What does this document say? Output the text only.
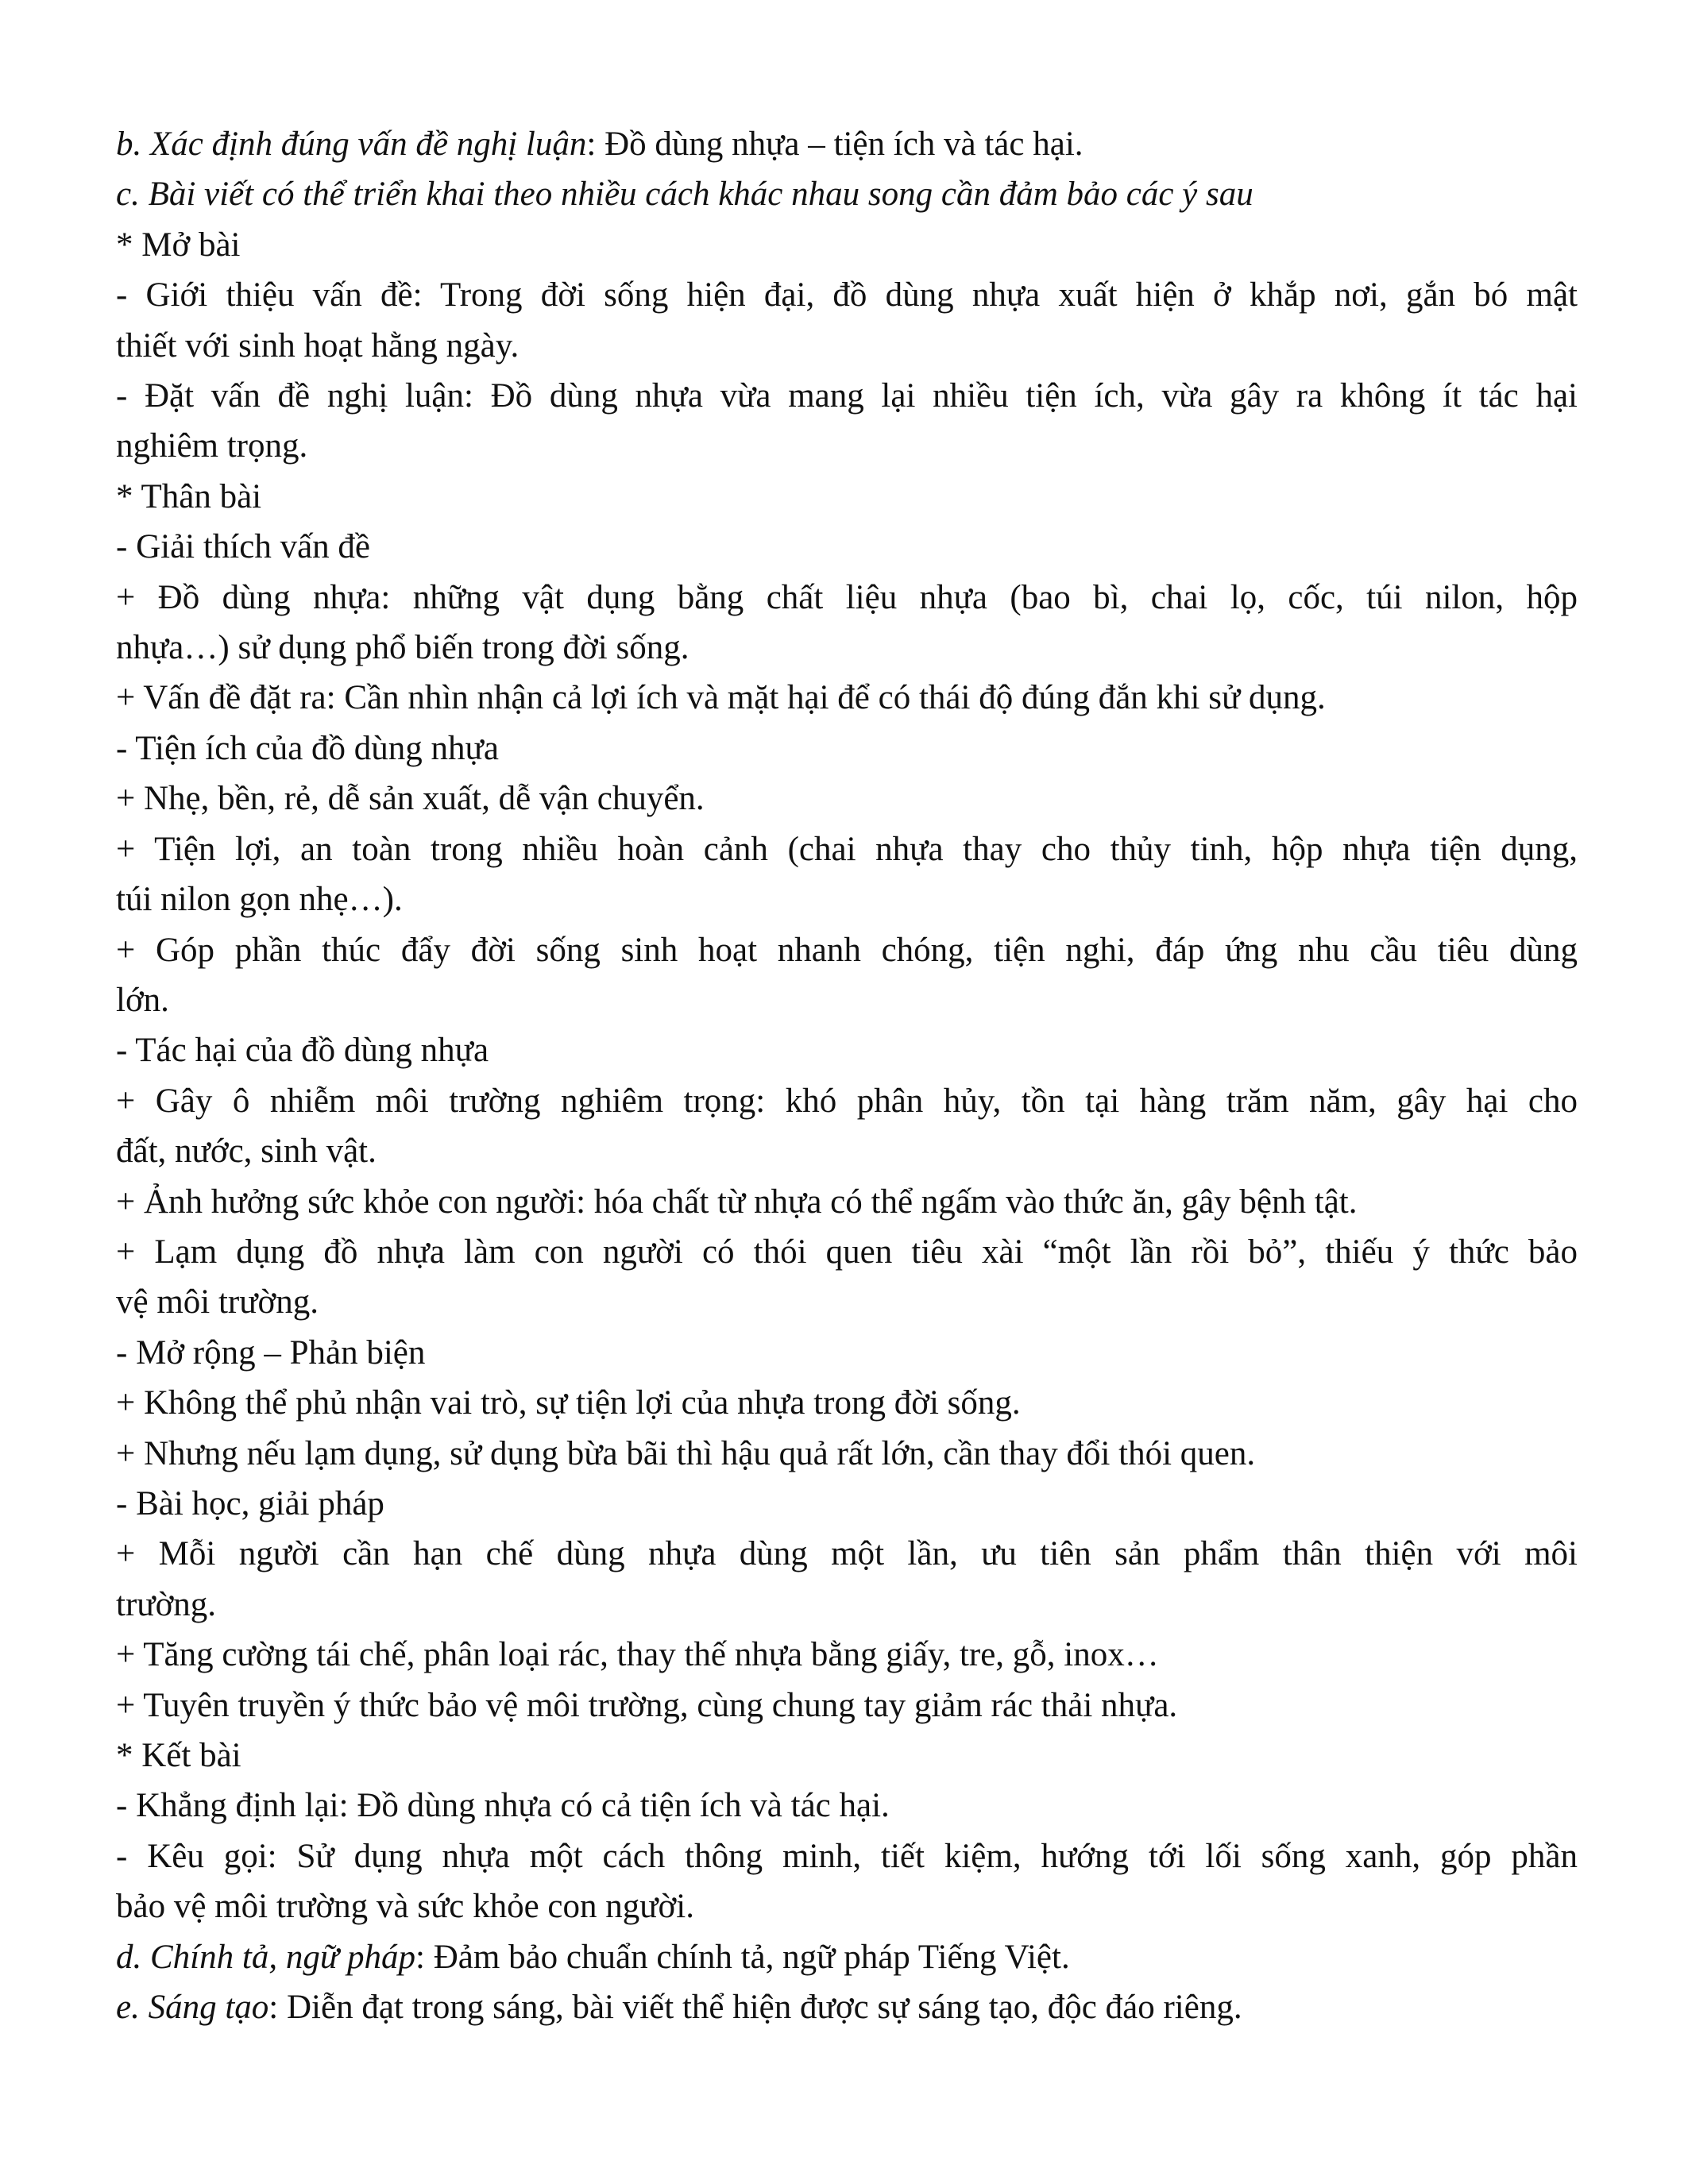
b. Xác định đúng vấn đề nghị luận: Đồ dùng nhựa – tiện ích và tác hại.

c. Bài viết có thể triển khai theo nhiều cách khác nhau song cần đảm bảo các ý sau

* Mở bài

- Giới thiệu vấn đề: Trong đời sống hiện đại, đồ dùng nhựa xuất hiện ở khắp nơi, gắn bó mật

thiết với sinh hoạt hằng ngày.

- Đặt vấn đề nghị luận: Đồ dùng nhựa vừa mang lại nhiều tiện ích, vừa gây ra không ít tác hại

nghiêm trọng.

* Thân bài

- Giải thích vấn đề

+ Đồ dùng nhựa: những vật dụng bằng chất liệu nhựa (bao bì, chai lọ, cốc, túi nilon, hộp

nhựa…) sử dụng phổ biến trong đời sống.

+ Vấn đề đặt ra: Cần nhìn nhận cả lợi ích và mặt hại để có thái độ đúng đắn khi sử dụng.

- Tiện ích của đồ dùng nhựa

+ Nhẹ, bền, rẻ, dễ sản xuất, dễ vận chuyển.

+ Tiện lợi, an toàn trong nhiều hoàn cảnh (chai nhựa thay cho thủy tinh, hộp nhựa tiện dụng,

túi nilon gọn nhẹ…).

+ Góp phần thúc đẩy đời sống sinh hoạt nhanh chóng, tiện nghi, đáp ứng nhu cầu tiêu dùng

lớn.

- Tác hại của đồ dùng nhựa

+ Gây ô nhiễm môi trường nghiêm trọng: khó phân hủy, tồn tại hàng trăm năm, gây hại cho

đất, nước, sinh vật.

+ Ảnh hưởng sức khỏe con người: hóa chất từ nhựa có thể ngấm vào thức ăn, gây bệnh tật.

+ Lạm dụng đồ nhựa làm con người có thói quen tiêu xài “một lần rồi bỏ”, thiếu ý thức bảo

vệ môi trường.

- Mở rộng – Phản biện

+ Không thể phủ nhận vai trò, sự tiện lợi của nhựa trong đời sống.

+ Nhưng nếu lạm dụng, sử dụng bừa bãi thì hậu quả rất lớn, cần thay đổi thói quen.

- Bài học, giải pháp

+ Mỗi người cần hạn chế dùng nhựa dùng một lần, ưu tiên sản phẩm thân thiện với môi

trường.

+ Tăng cường tái chế, phân loại rác, thay thế nhựa bằng giấy, tre, gỗ, inox…

+ Tuyên truyền ý thức bảo vệ môi trường, cùng chung tay giảm rác thải nhựa.

* Kết bài

- Khẳng định lại: Đồ dùng nhựa có cả tiện ích và tác hại.

- Kêu gọi: Sử dụng nhựa một cách thông minh, tiết kiệm, hướng tới lối sống xanh, góp phần

bảo vệ môi trường và sức khỏe con người.

d. Chính tả, ngữ pháp: Đảm bảo chuẩn chính tả, ngữ pháp Tiếng Việt.

e. Sáng tạo: Diễn đạt trong sáng, bài viết thể hiện được sự sáng tạo, độc đáo riêng.
